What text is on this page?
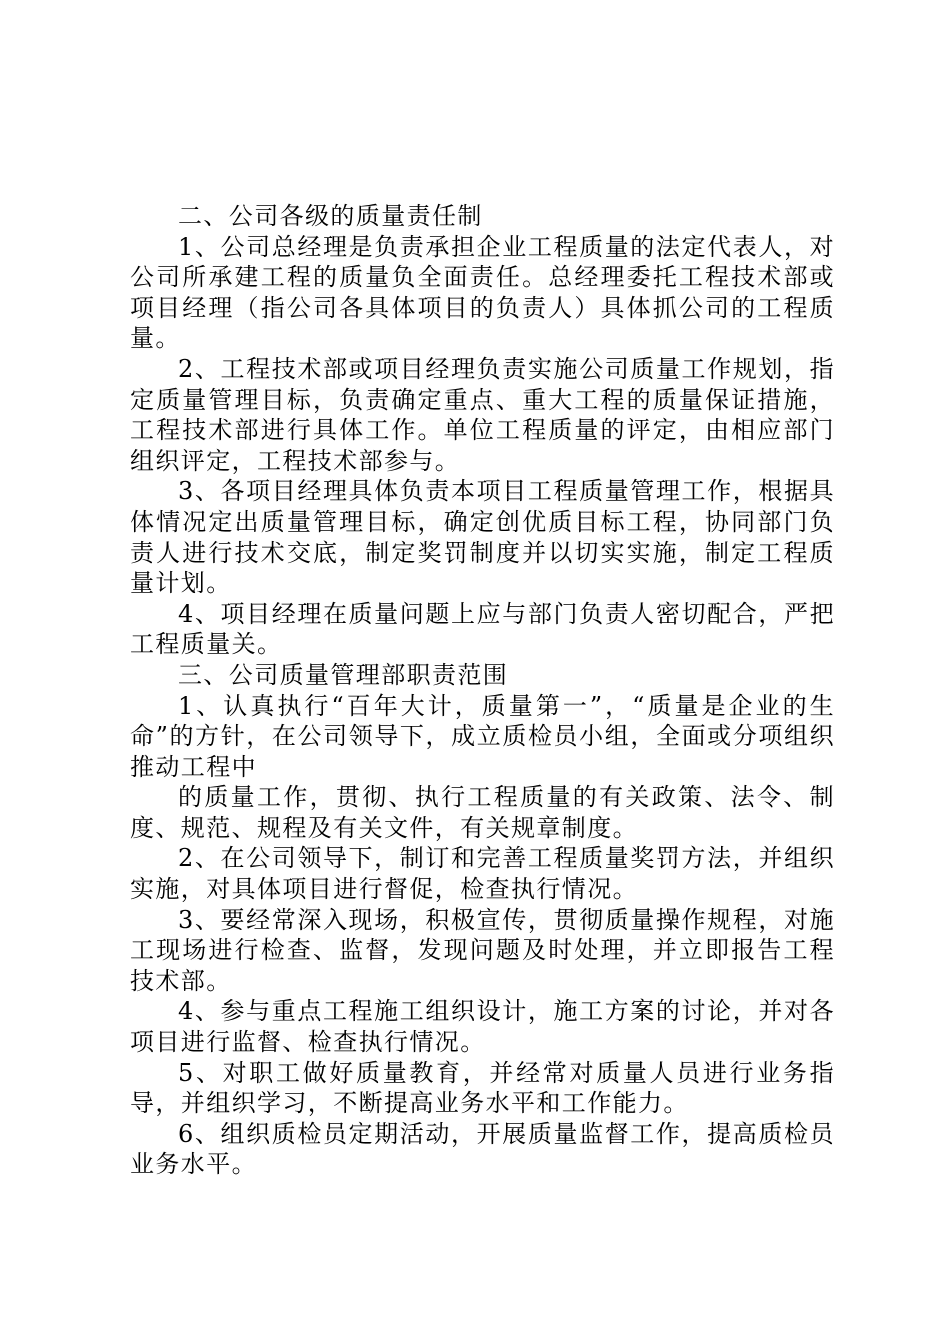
二、公司各级的质量责任制

1、公司总经理是负责承担企业工程质量的法定代表人，对公司所承建工程的质量负全面责任。总经理委托工程技术部或项目经理（指公司各具体项目的负责人）具体抓公司的工程质量。

2、工程技术部或项目经理负责实施公司质量工作规划，指定质量管理目标，负责确定重点、重大工程的质量保证措施，工程技术部进行具体工作。单位工程质量的评定，由相应部门组织评定，工程技术部参与。

3、各项目经理具体负责本项目工程质量管理工作，根据具体情况定出质量管理目标，确定创优质目标工程，协同部门负责人进行技术交底，制定奖罚制度并以切实实施，制定工程质量计划。

4、项目经理在质量问题上应与部门负责人密切配合，严把工程质量关。

三、公司质量管理部职责范围

1、认真执行“百年大计，质量第一”，“质量是企业的生命”的方针，在公司领导下，成立质检员小组，全面或分项组织推动工程中

的质量工作，贯彻、执行工程质量的有关政策、法令、制度、规范、规程及有关文件，有关规章制度。

2、在公司领导下，制订和完善工程质量奖罚方法，并组织实施，对具体项目进行督促，检查执行情况。

3、要经常深入现场，积极宣传，贯彻质量操作规程，对施工现场进行检查、监督，发现问题及时处理，并立即报告工程技术部。

4、参与重点工程施工组织设计，施工方案的讨论，并对各项目进行监督、检查执行情况。

5、对职工做好质量教育，并经常对质量人员进行业务指导，并组织学习，不断提高业务水平和工作能力。

6、组织质检员定期活动，开展质量监督工作，提高质检员业务水平。
